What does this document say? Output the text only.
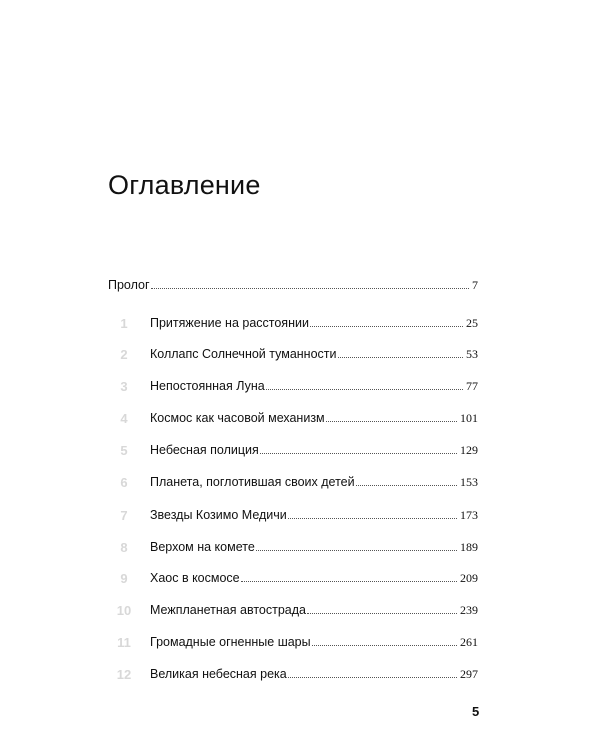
Оглавление
Пролог	7
1	Притяжение на расстоянии	25
2	Коллапс Солнечной туманности	53
3	Непостоянная Луна	77
4	Космос как часовой механизм	101
5	Небесная полиция	129
6	Планета, поглотившая своих детей	153
7	Звезды Козимо Медичи	173
8	Верхом на комете	189
9	Хаос в космосе	209
10	Межпланетная автострада	239
11	Громадные огненные шары	261
12	Великая небесная река	297
5
